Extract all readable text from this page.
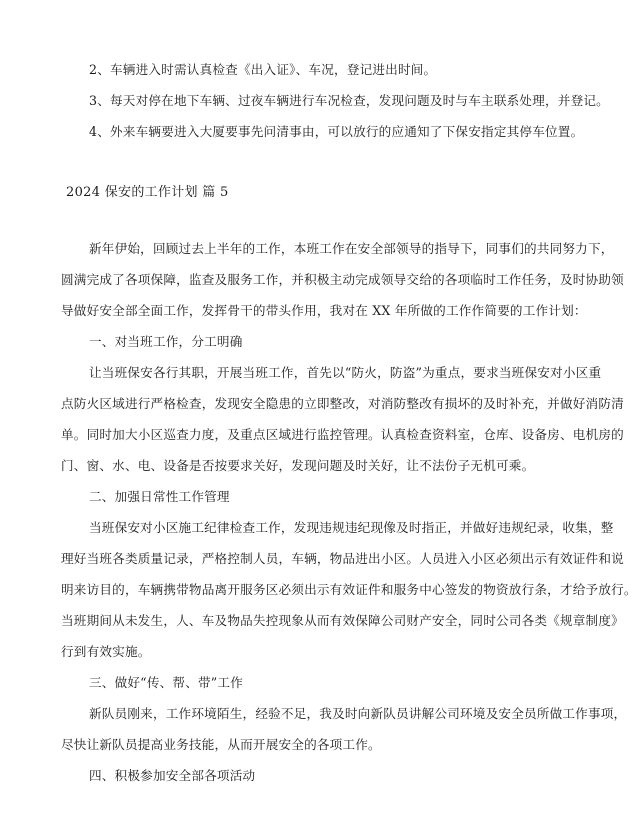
2、车辆进入时需认真检查《出入证》、车况，登记进出时间。
3、每天对停在地下车辆、过夜车辆进行车况检查，发现问题及时与车主联系处理，并登记。
4、外来车辆要进入大厦要事先问清事由，可以放行的应通知了下保安指定其停车位置。
2024 保安的工作计划 篇 5
新年伊始，回顾过去上半年的工作，本班工作在安全部领导的指导下，同事们的共同努力下，
圆满完成了各项保障，监查及服务工作，并积极主动完成领导交给的各项临时工作任务，及时协助领
导做好安全部全面工作，发挥骨干的带头作用，我对在 XX 年所做的工作作简要的工作计划：
一、对当班工作，分工明确
让当班保安各行其职，开展当班工作，首先以“防火，防盗”为重点，要求当班保安对小区重
点防火区域进行严格检查，发现安全隐患的立即整改，对消防整改有损坏的及时补充，并做好消防清
单。同时加大小区巡查力度，及重点区域进行监控管理。认真检查资料室，仓库、设备房、电机房的
门、窗、水、电、设备是否按要求关好，发现问题及时关好，让不法份子无机可乘。
二、加强日常性工作管理
当班保安对小区施工纪律检查工作，发现违规违纪现像及时指正，并做好违规纪录，收集，整
理好当班各类质量记录，严格控制人员，车辆，物品进出小区。人员进入小区必须出示有效证件和说
明来访目的，车辆携带物品离开服务区必须出示有效证件和服务中心签发的物资放行条，才给予放行。
当班期间从未发生，人、车及物品失控现象从而有效保障公司财产安全，同时公司各类《规章制度》
行到有效实施。
三、做好“传、帮、带”工作
新队员刚来，工作环境陌生，经验不足，我及时向新队员讲解公司环境及安全员所做工作事项，
尽快让新队员提高业务技能，从而开展安全的各项工作。
四、积极参加安全部各项活动
